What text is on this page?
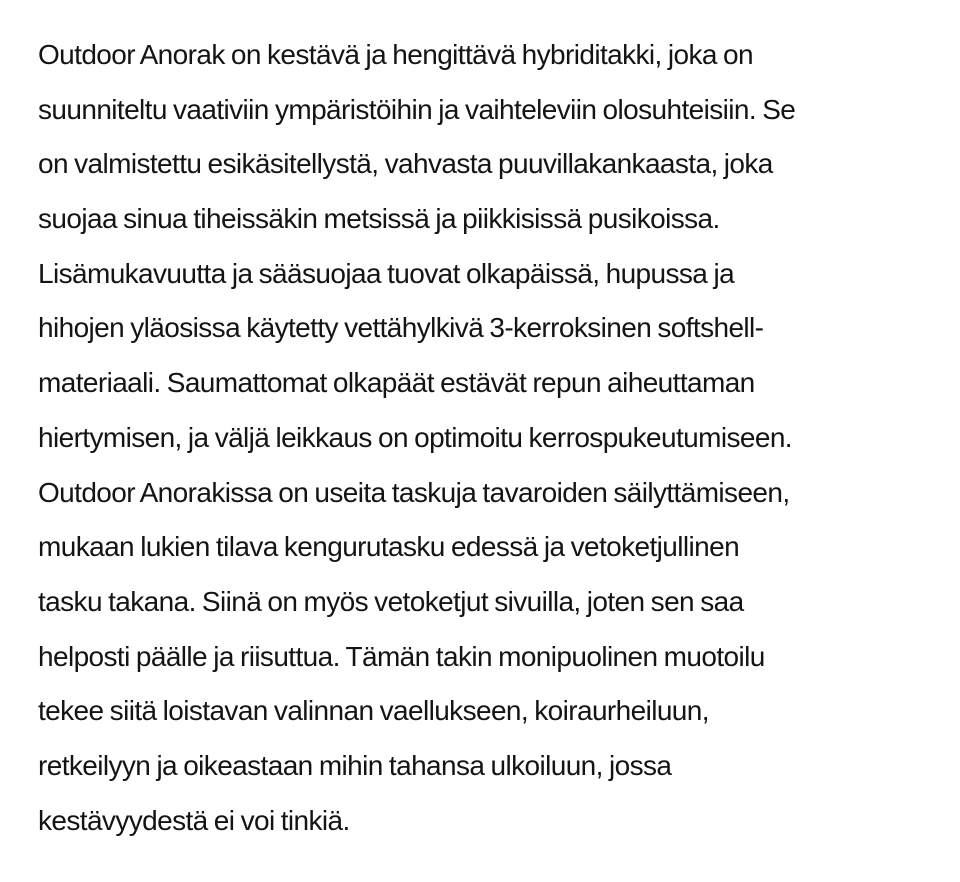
Outdoor Anorak on kestävä ja hengittävä hybriditakki, joka on
suunniteltu vaativiin ympäristöihin ja vaihteleviin olosuhteisiin. Se
on valmistettu esikäsitellystä, vahvasta puuvillakankaasta, joka
suojaa sinua tiheissäkin metsissä ja piikkisissä pusikoissa.
Lisämukavuutta ja sääsuojaa tuovat olkapäissä, hupussa ja
hihojen yläosissa käytetty vettähylkivä 3-kerroksinen softshell-
materiaali. Saumattomat olkapäät estävät repun aiheuttaman
hiertymisen, ja väljä leikkaus on optimoitu kerrospukeutumiseen.
Outdoor Anorakissa on useita taskuja tavaroiden säilyttämiseen,
mukaan lukien tilava kengurutasku edessä ja vetoketjullinen
tasku takana. Siinä on myös vetoketjut sivuilla, joten sen saa
helposti päälle ja riisuttua. Tämän takin monipuolinen muotoilu
tekee siitä loistavan valinnan vaellukseen, koiraurheiluun,
retkeilyyn ja oikeastaan mihin tahansa ulkoiluun, jossa
kestävyydestä ei voi tinkiä.
